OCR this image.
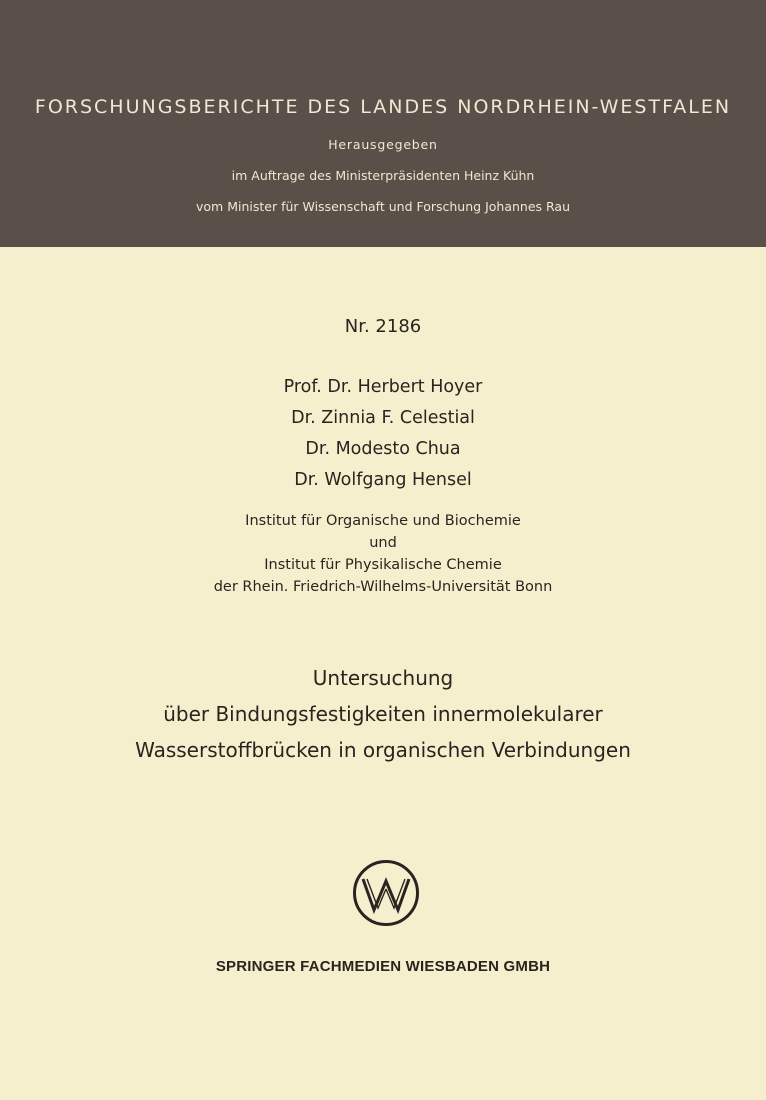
FORSCHUNGSBERICHTE DES LANDES NORDRHEIN-WESTFALEN
Herausgegeben
im Auftrage des Ministerpräsidenten Heinz Kühn
vom Minister für Wissenschaft und Forschung Johannes Rau
Nr. 2186
Prof. Dr. Herbert Hoyer
Dr. Zinnia F. Celestial
Dr. Modesto Chua
Dr. Wolfgang Hensel
Institut für Organische und Biochemie
und
Institut für Physikalische Chemie
der Rhein. Friedrich-Wilhelms-Universität Bonn
Untersuchung
über Bindungsfestigkeiten innermolekularer
Wasserstoffbrücken in organischen Verbindungen
SPRINGER FACHMEDIEN WIESBADEN GMBH
